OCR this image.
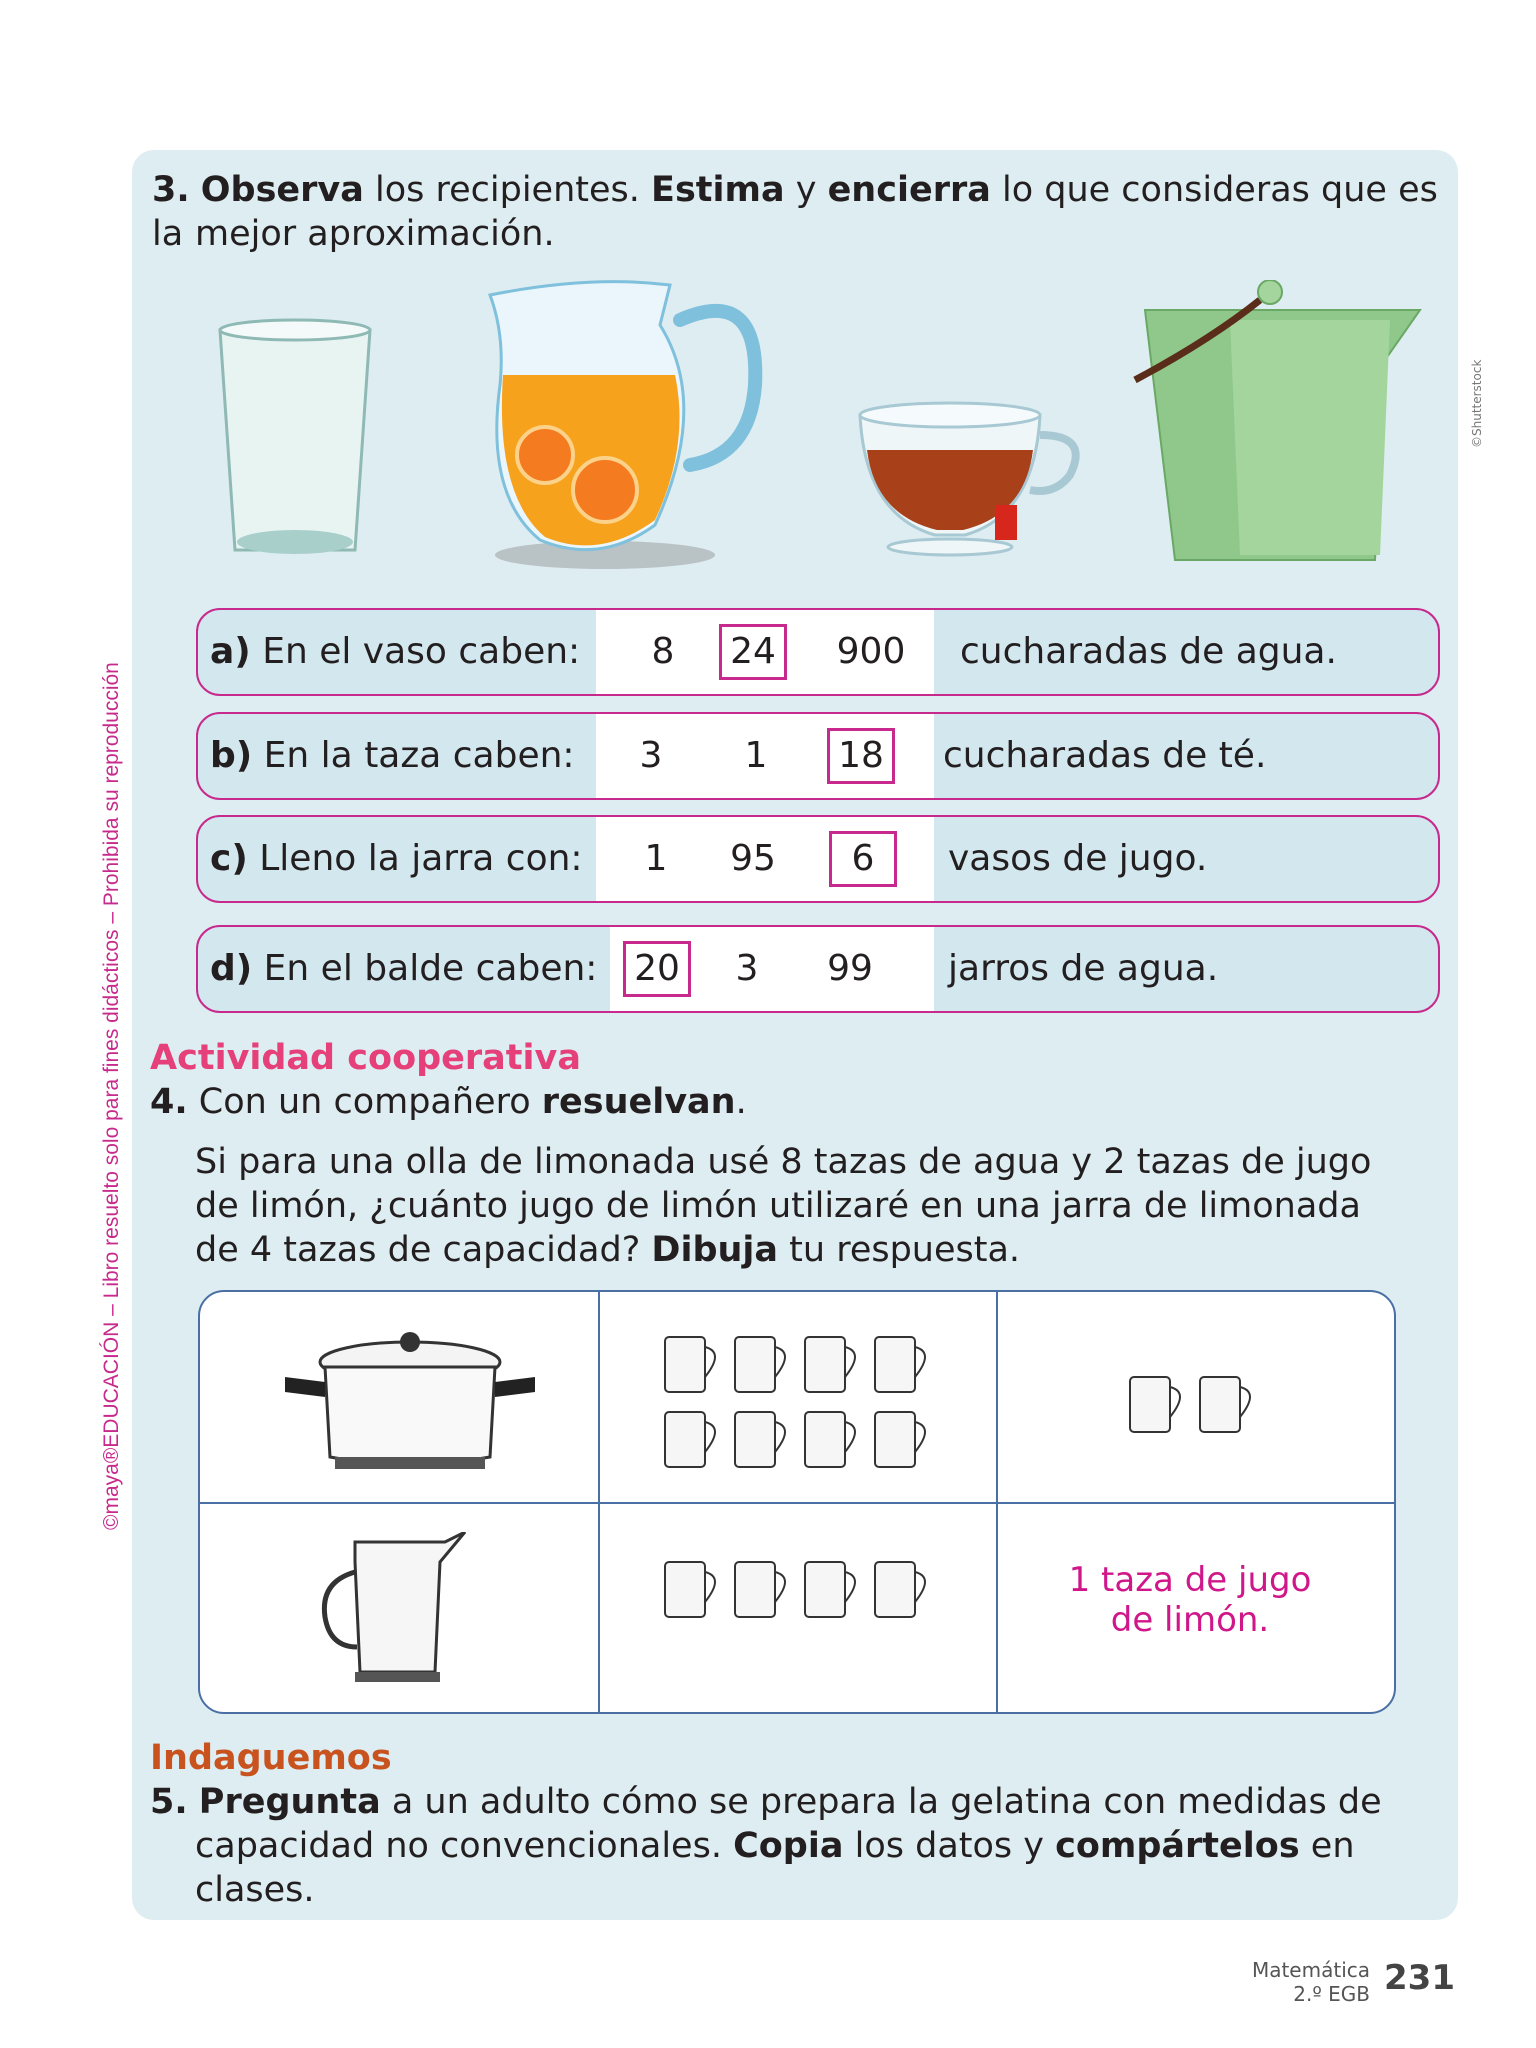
©maya®EDUCACIÓN – Libro resuelto solo para fines didácticos – Prohibida su reproducción
©Shutterstock
3. Observa los recipientes. Estima y encierra lo que consideras que es la mejor aproximación.
a) En el vaso caben:	8	24	900 cucharadas de agua.
b) En la taza caben:	3	1	18	cucharadas de té.
c) Lleno la jarra con:	1	95	6	vasos de jugo.
d) En el balde caben:	20	3	99	jarros de agua.
Actividad cooperativa
4. Con un compañero resuelvan.
Si para una olla de limonada usé 8 tazas de agua y 2 tazas de jugo
de limón, ¿cuánto jugo de limón utilizaré en una jarra de limonada
de 4 tazas de capacidad? Dibuja tu respuesta.
1 taza de jugo
de limón.
Indaguemos
5. Pregunta a un adulto cómo se prepara la gelatina con medidas de
capacidad no convencionales. Copia los datos y compártelos en
clases.
Matemática
2.º EGB 231
